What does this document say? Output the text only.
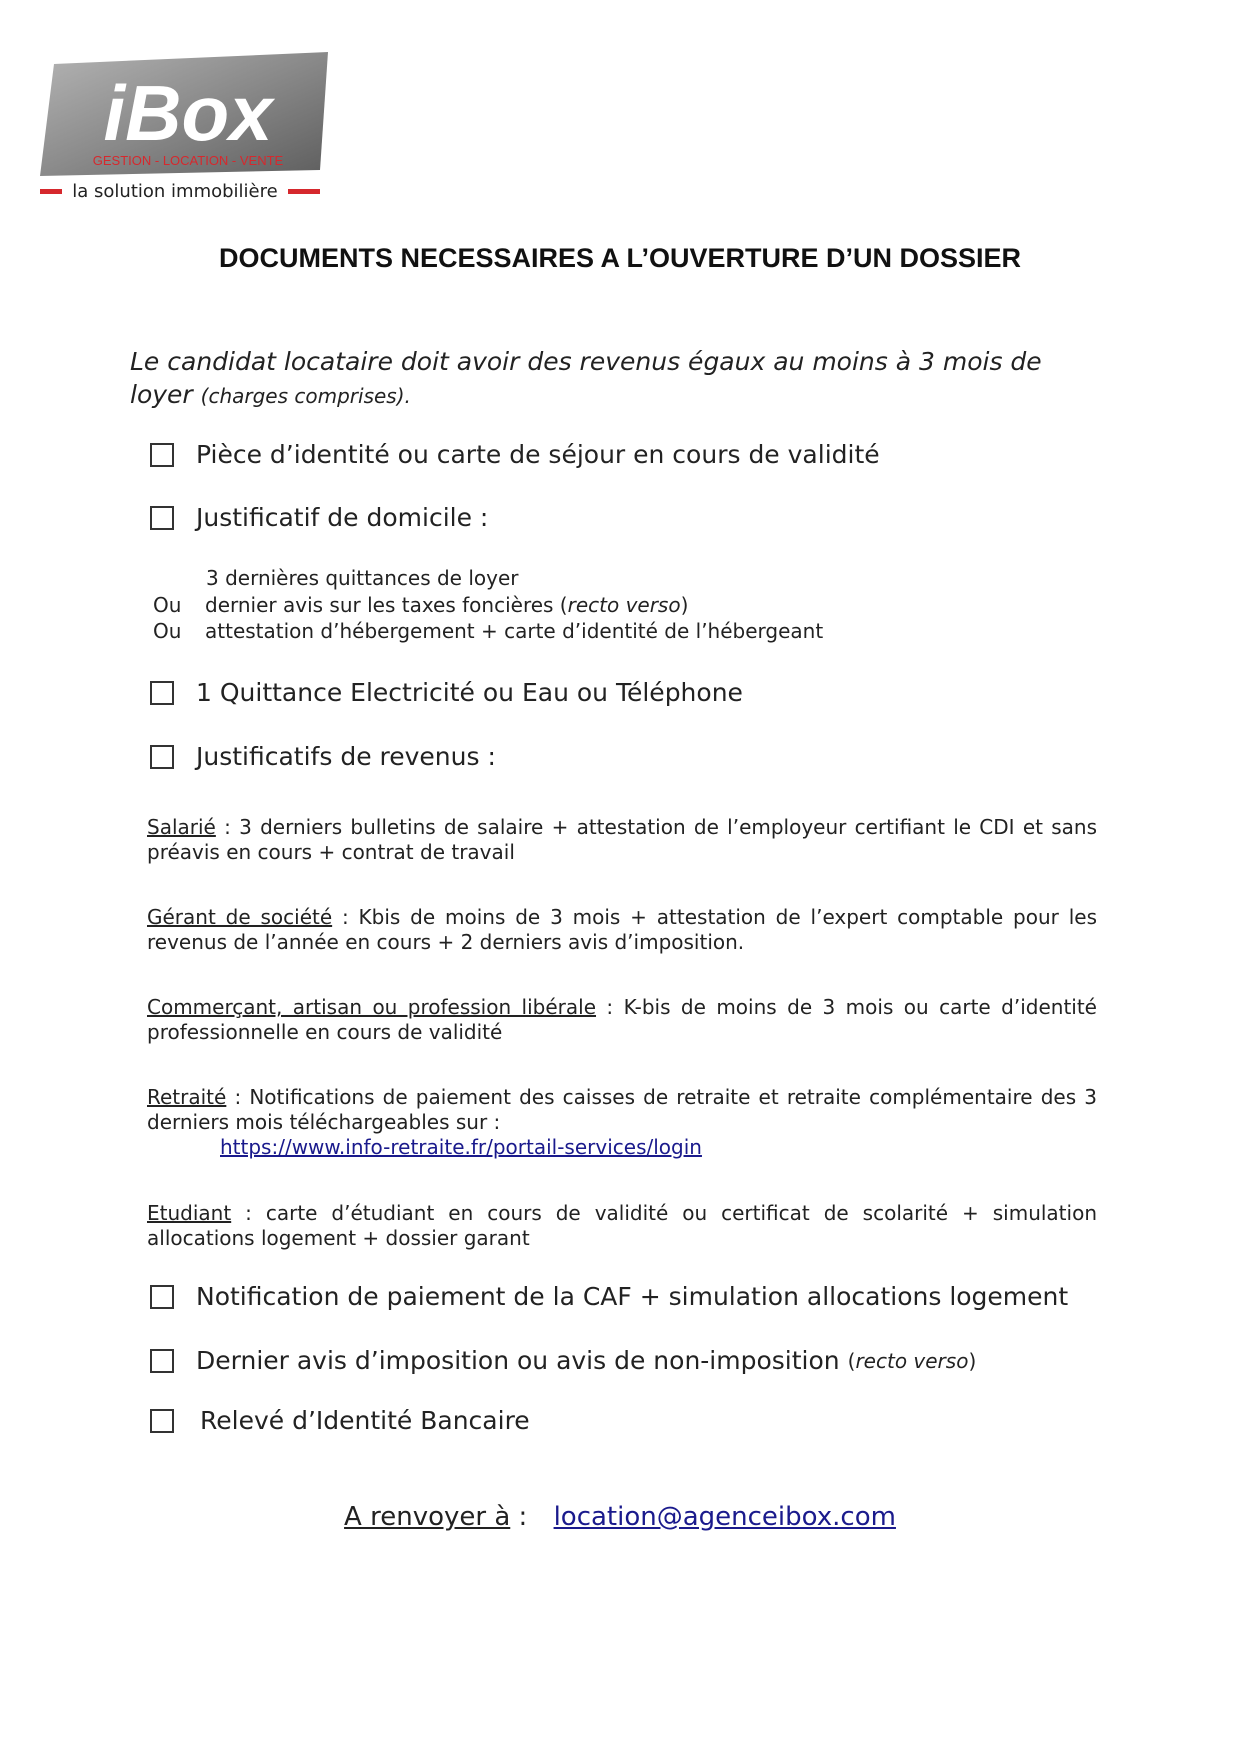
iBox
GESTION - LOCATION - VENTE
la solution immobilière
DOCUMENTS NECESSAIRES A L’OUVERTURE D’UN DOSSIER
Le candidat locataire doit avoir des revenus égaux au moins à 3 mois de loyer (charges comprises).
Pièce d’identité ou carte de séjour en cours de validité
Justificatif de domicile :
3 dernières quittances de loyer
Ou dernier avis sur les taxes foncières (recto verso)
Ou attestation d’hébergement + carte d’identité de l’hébergeant
1 Quittance Electricité ou Eau ou Téléphone
Justificatifs de revenus :
Salarié : 3 derniers bulletins de salaire + attestation de l’employeur certifiant le CDI et sans préavis en cours + contrat de travail
Gérant de société : Kbis de moins de 3 mois + attestation de l’expert comptable pour les revenus de l’année en cours + 2 derniers avis d’imposition.
Commerçant, artisan ou profession libérale : K-bis de moins de 3 mois ou carte d’identité professionnelle en cours de validité
Retraité : Notifications de paiement des caisses de retraite et retraite complémentaire des 3 derniers mois téléchargeables sur :
https://www.info-retraite.fr/portail-services/login
Etudiant : carte d’étudiant en cours de validité ou certificat de scolarité + simulation allocations logement + dossier garant
Notification de paiement de la CAF + simulation allocations logement
Dernier avis d’imposition ou avis de non-imposition (recto verso)
Relevé d’Identité Bancaire
A renvoyer à : location@agenceibox.com
